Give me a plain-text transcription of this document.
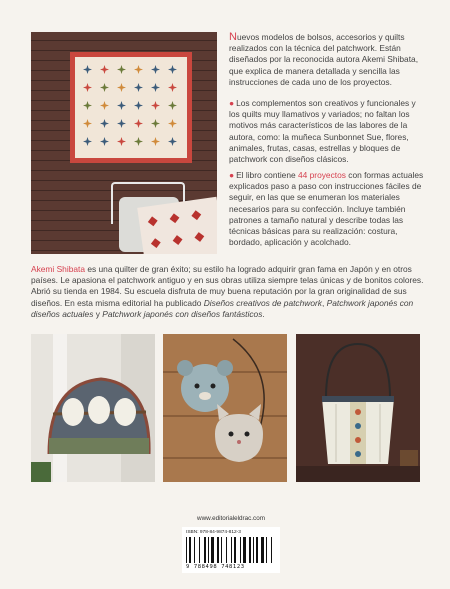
Nuevos modelos de bolsos, accesorios y quilts realizados con la técnica del patchwork. Están diseñados por la reconocida autora Akemi Shibata, que explica de manera detallada y sencilla las instrucciones de cada uno de los proyectos.
● Los complementos son creativos y funcionales y los quilts muy llamativos y variados; no faltan los motivos más característicos de las labores de la autora, como: la muñeca Sunbonnet Sue, flores, animales, frutas, casas, estrellas y bloques de patchwork con diseños clásicos.
● El libro contiene 44 proyectos con formas actuales explicados paso a paso con instrucciones fáciles de seguir, en las que se enumeran los materiales necesarios para su confección. Incluye también patrones a tamaño natural y describe todas las técnicas básicas para su realización: costura, bordado, aplicación y acolchado.
Akemi Shibata es una quilter de gran éxito; su estilo ha logrado adquirir gran fama en Japón y en otros países. Le apasiona el patchwork antiguo y en sus obras utiliza siempre telas únicas y de bonitos colores. Abrió su tienda en 1984. Su escuela disfruta de muy buena reputación por la gran originalidad de sus diseños. En esta misma editorial ha publicado Diseños creativos de patchwork, Patchwork japonés con diseños actuales y Patchwork japonés con diseños fantásticos.
www.editorialeldrac.com
ISBN: 978-84-9874-812-3
9 788498 748123
